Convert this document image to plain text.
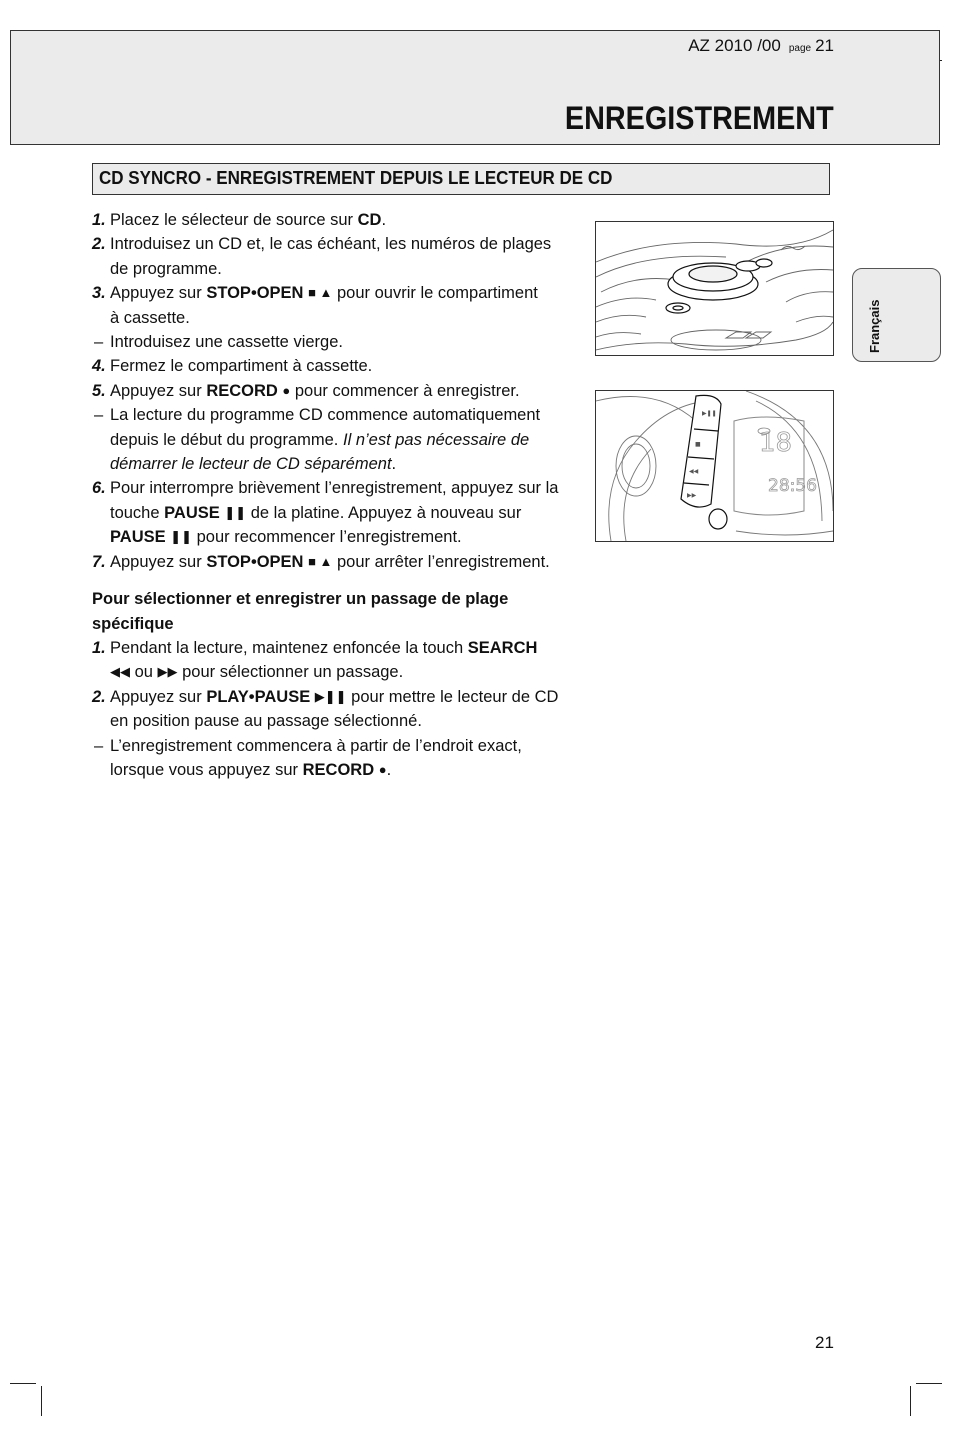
AZ 2010 /00 page 21
ENREGISTREMENT
CD SYNCRO - ENREGISTREMENT DEPUIS LE LECTEUR DE CD
Français
1. Placez le sélecteur de source sur CD.
2. Introduisez un CD et, le cas échéant, les numéros de plages
de programme.
3. Appuyez sur STOP•OPEN ■ ▲ pour ouvrir le compartiment
à cassette.
– Introduisez une cassette vierge.
4. Fermez le compartiment à cassette.
5. Appuyez sur RECORD ● pour commencer à enregistrer.
– La lecture du programme CD commence automatiquement
depuis le début du programme. Il n’est pas nécessaire de
démarrer le lecteur de CD séparément.
6. Pour interrompre brièvement l’enregistrement, appuyez sur la
touche PAUSE ❚❚ de la platine. Appuyez à nouveau sur
PAUSE ❚❚ pour recommencer l’enregistrement.
7. Appuyez sur STOP•OPEN ■ ▲ pour arrêter l’enregistrement.
Pour sélectionner et enregistrer un passage de plage
spécifique
1. Pendant la lecture, maintenez enfoncée la touch SEARCH
◀◀ ou ▶▶ pour sélectionner un passage.
2. Appuyez sur PLAY•PAUSE ▶❚❚ pour mettre le lecteur de CD
en position pause au passage sélectionné.
– L’enregistrement commencera à partir de l’endroit exact,
lorsque vous appuyez sur RECORD ●.
▶❚❚
■
◀◀
▶▶
18
28:56
21
